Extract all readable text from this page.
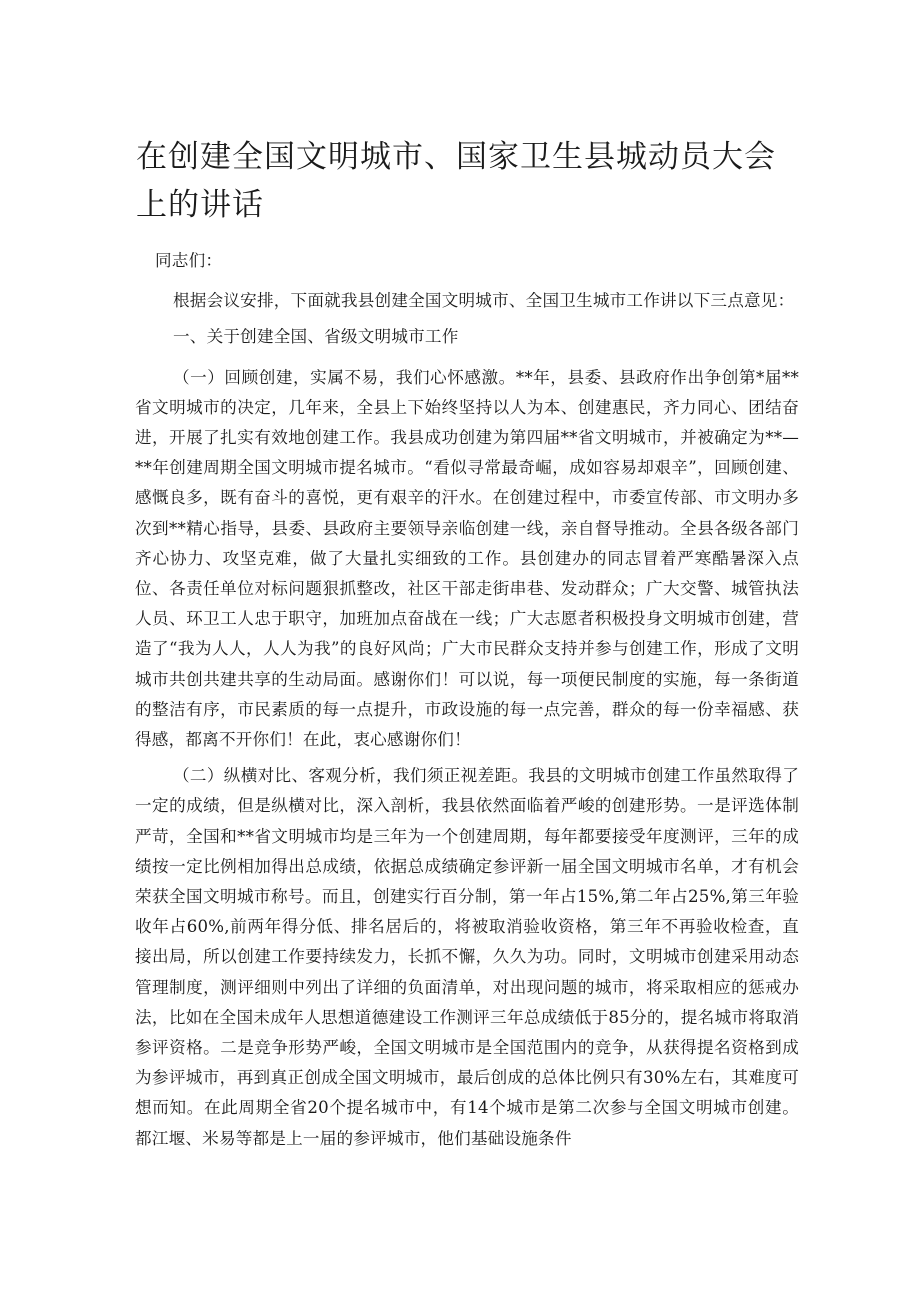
在创建全国文明城市、国家卫生县城动员大会上的讲话

同志们：

根据会议安排，下面就我县创建全国文明城市、全国卫生城市工作讲以下三点意见：

一、关于创建全国、省级文明城市工作

（一）回顾创建，实属不易，我们心怀感激。**年，县委、县政府作出争创第*届**省文明城市的决定，几年来，全县上下始终坚持以人为本、创建惠民，齐力同心、团结奋进，开展了扎实有效地创建工作。我县成功创建为第四届**省文明城市，并被确定为**—**年创建周期全国文明城市提名城市。“看似寻常最奇崛，成如容易却艰辛”，回顾创建、感慨良多，既有奋斗的喜悦，更有艰辛的汗水。在创建过程中，市委宣传部、市文明办多次到**精心指导，县委、县政府主要领导亲临创建一线，亲自督导推动。全县各级各部门齐心协力、攻坚克难，做了大量扎实细致的工作。县创建办的同志冒着严寒酷暑深入点位、各责任单位对标问题狠抓整改，社区干部走街串巷、发动群众；广大交警、城管执法人员、环卫工人忠于职守，加班加点奋战在一线；广大志愿者积极投身文明城市创建，营造了“我为人人，人人为我”的良好风尚；广大市民群众支持并参与创建工作，形成了文明城市共创共建共享的生动局面。感谢你们！可以说，每一项便民制度的实施，每一条街道的整洁有序，市民素质的每一点提升，市政设施的每一点完善，群众的每一份幸福感、获得感，都离不开你们！在此，衷心感谢你们！

（二）纵横对比、客观分析，我们须正视差距。我县的文明城市创建工作虽然取得了一定的成绩，但是纵横对比，深入剖析，我县依然面临着严峻的创建形势。一是评选体制严苛，全国和**省文明城市均是三年为一个创建周期，每年都要接受年度测评，三年的成绩按一定比例相加得出总成绩，依据总成绩确定参评新一届全国文明城市名单，才有机会荣获全国文明城市称号。而且，创建实行百分制，第一年占15%,第二年占25%,第三年验收年占60%,前两年得分低、排名居后的，将被取消验收资格，第三年不再验收检查，直接出局，所以创建工作要持续发力，长抓不懈，久久为功。同时，文明城市创建采用动态管理制度，测评细则中列出了详细的负面清单，对出现问题的城市，将采取相应的惩戒办法，比如在全国未成年人思想道德建设工作测评三年总成绩低于85分的，提名城市将取消参评资格。二是竞争形势严峻，全国文明城市是全国范围内的竞争，从获得提名资格到成为参评城市，再到真正创成全国文明城市，最后创成的总体比例只有30%左右，其难度可想而知。在此周期全省20个提名城市中，有14个城市是第二次参与全国文明城市创建。都江堰、米易等都是上一届的参评城市，他们基础设施条件
